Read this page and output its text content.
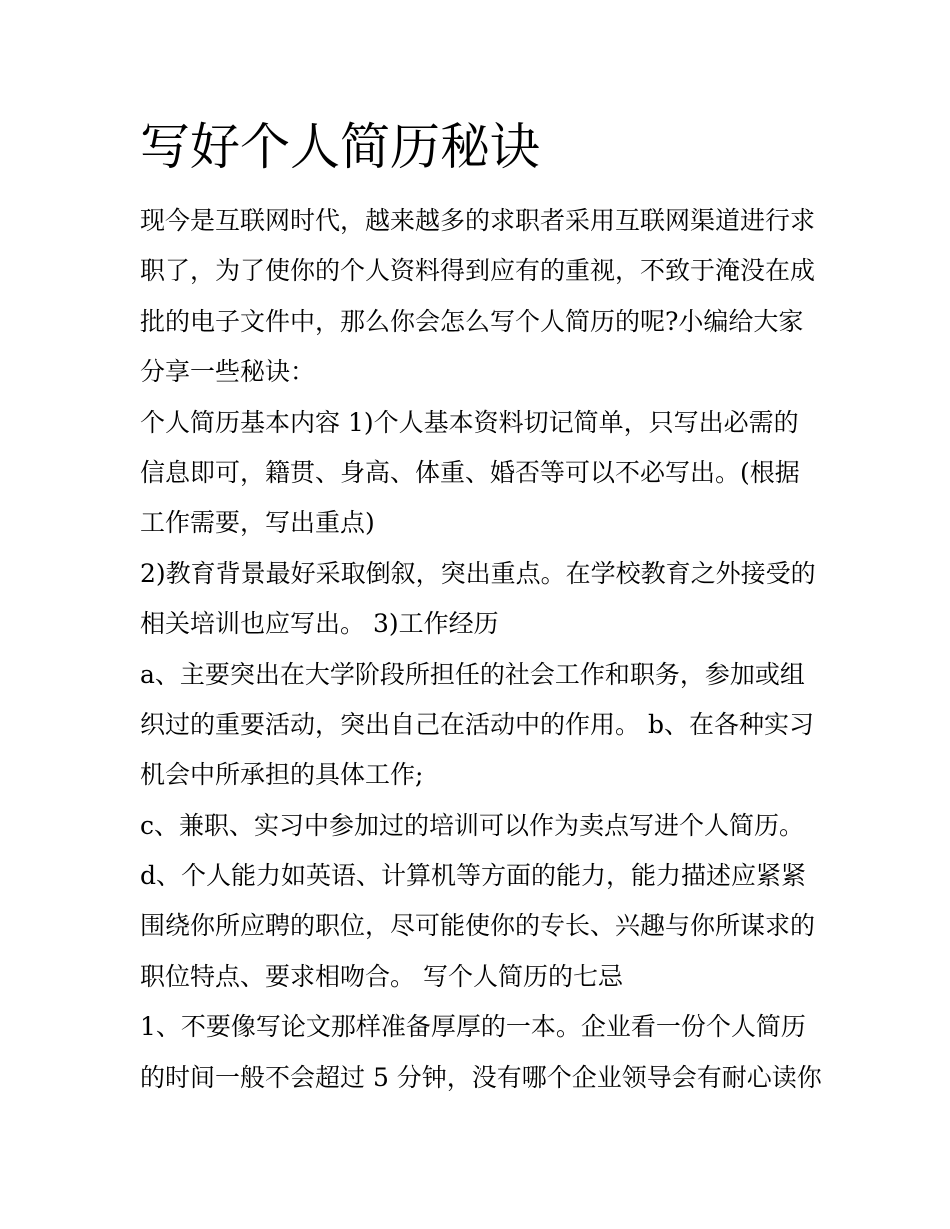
写好个人简历秘诀
现今是互联网时代，越来越多的求职者采用互联网渠道进行求
职了，为了使你的个人资料得到应有的重视，不致于淹没在成
批的电子文件中，那么你会怎么写个人简历的呢?小编给大家
分享一些秘诀：
个人简历基本内容 1)个人基本资料切记简单，只写出必需的
信息即可，籍贯、身高、体重、婚否等可以不必写出。(根据
工作需要，写出重点)
2)教育背景最好采取倒叙，突出重点。在学校教育之外接受的
相关培训也应写出。 3)工作经历
a、主要突出在大学阶段所担任的社会工作和职务，参加或组
织过的重要活动，突出自己在活动中的作用。 b、在各种实习
机会中所承担的具体工作;
c、兼职、实习中参加过的培训可以作为卖点写进个人简历。
d、个人能力如英语、计算机等方面的能力，能力描述应紧紧
围绕你所应聘的职位，尽可能使你的专长、兴趣与你所谋求的
职位特点、要求相吻合。 写个人简历的七忌
1、不要像写论文那样准备厚厚的一本。企业看一份个人简历
的时间一般不会超过 5 分钟，没有哪个企业领导会有耐心读你
